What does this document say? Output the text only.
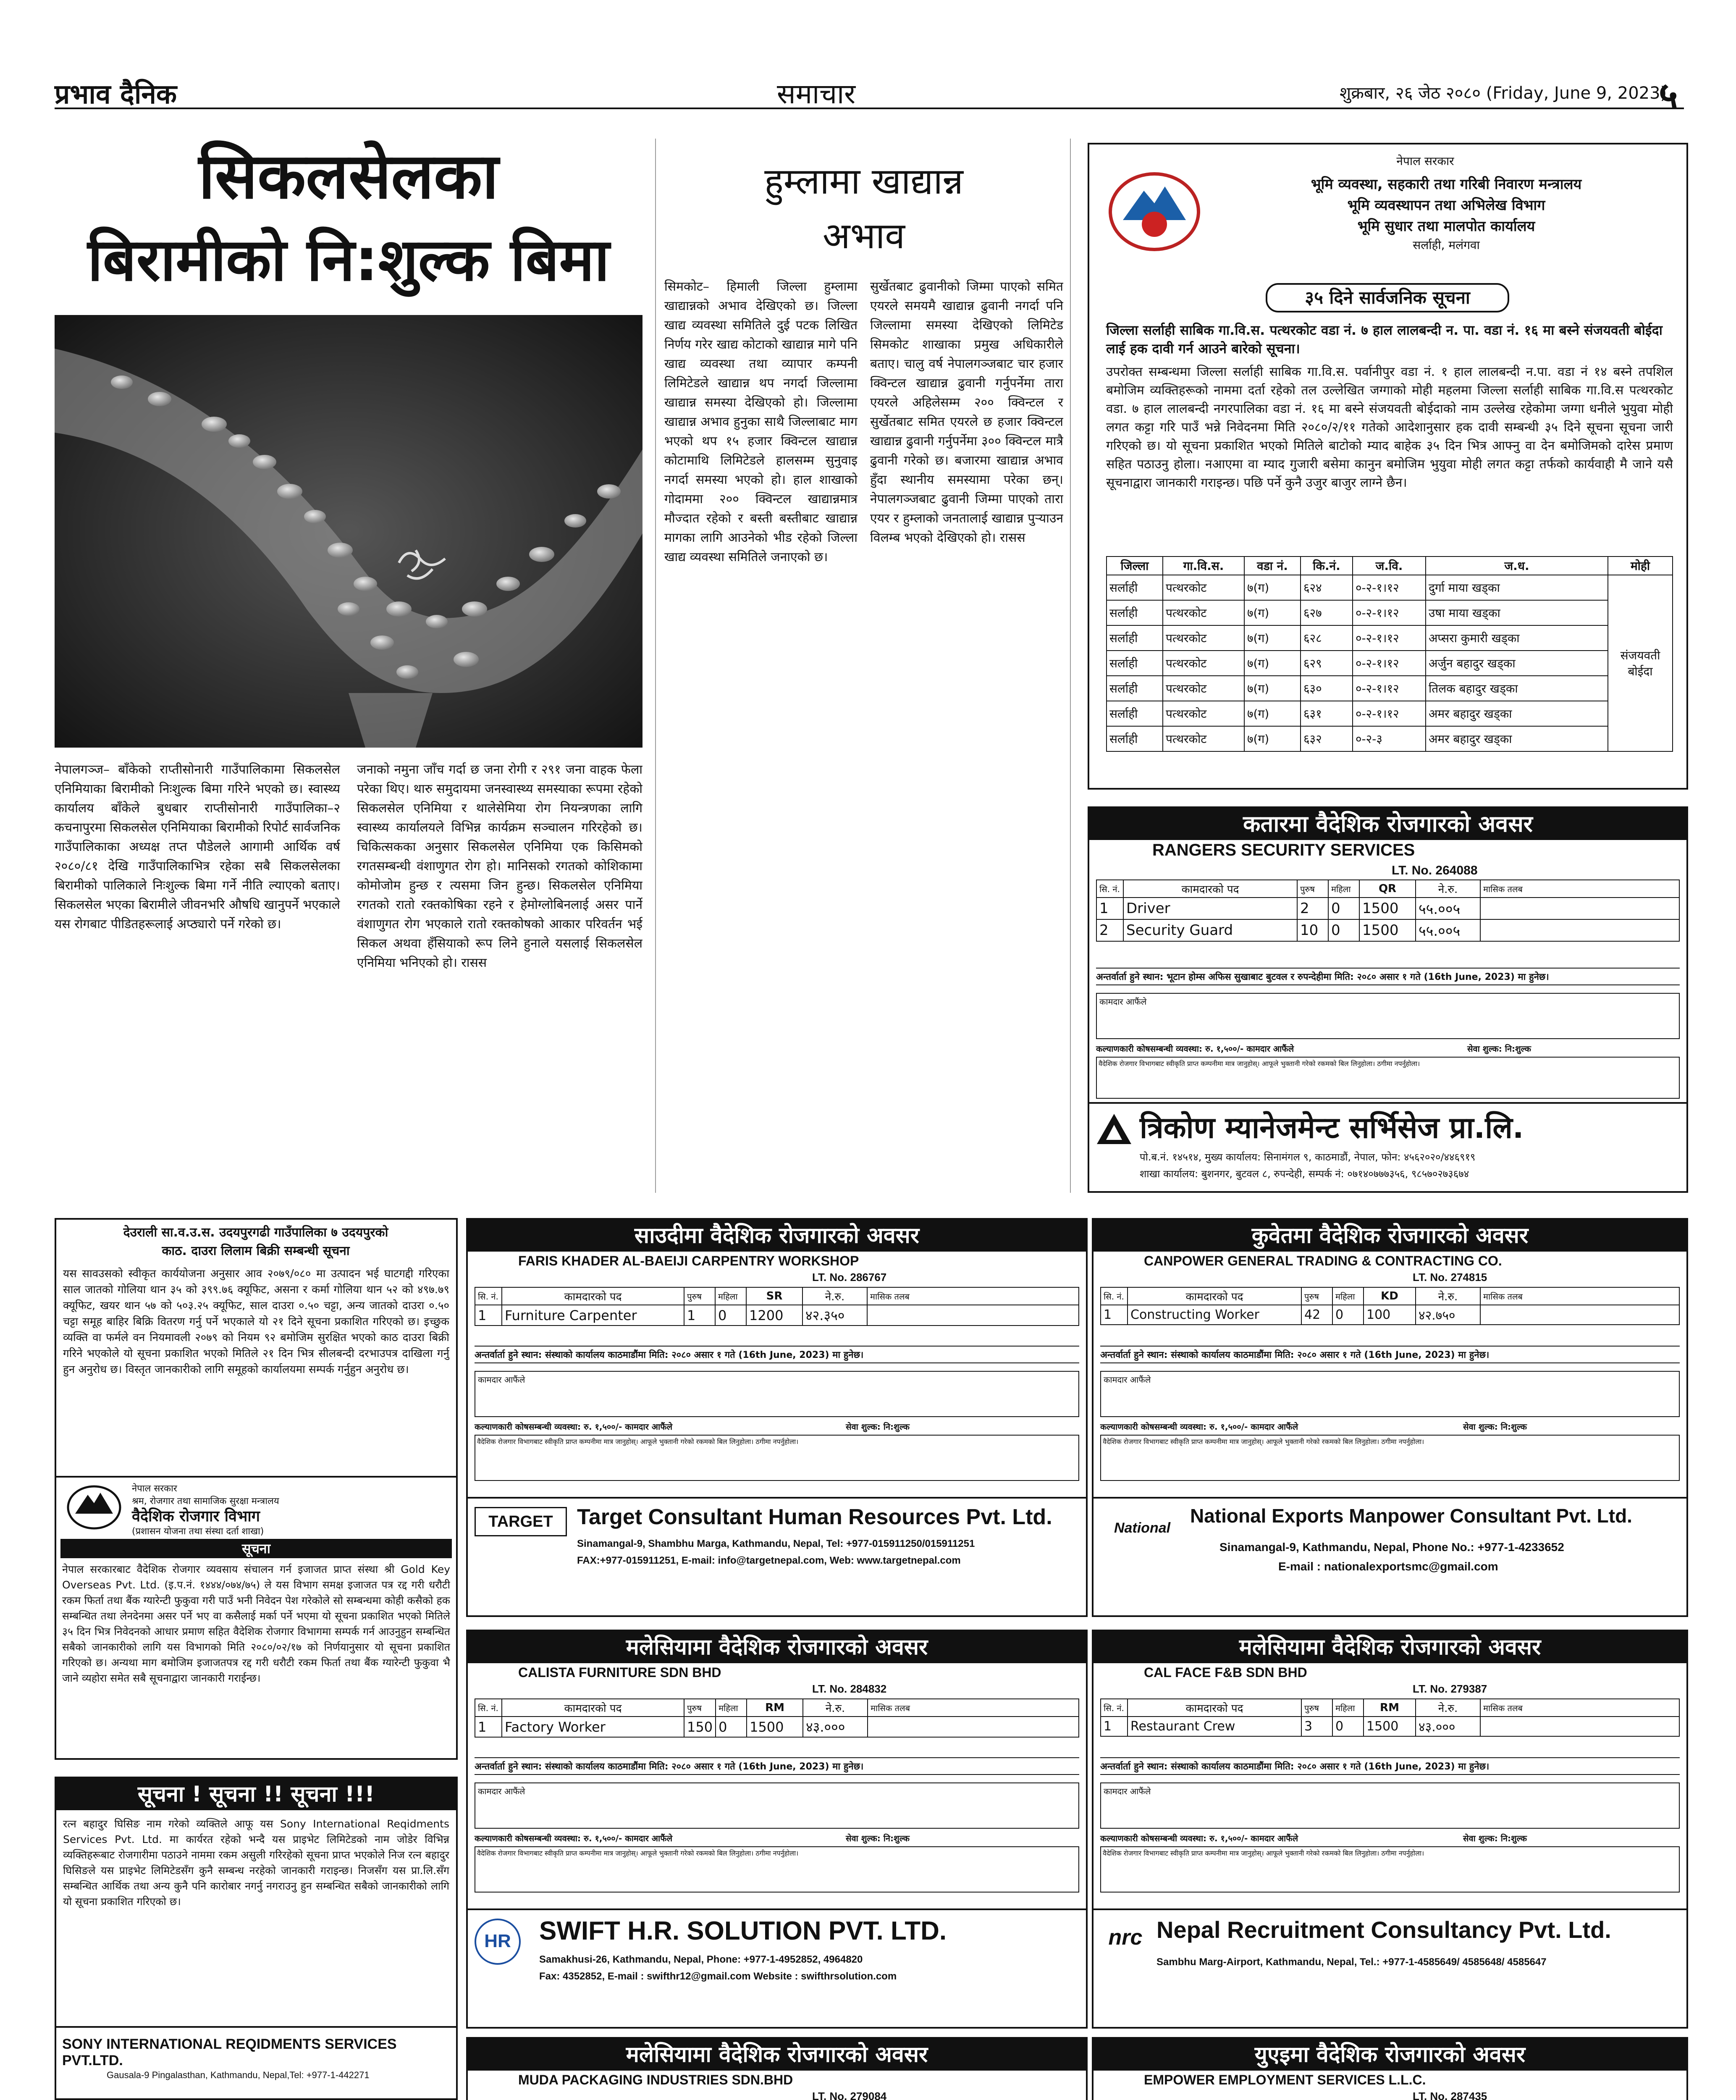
प्रभाव दैनिक	समाचार	शुक्रबार, २६ जेठ २०८० (Friday, June 9, 2023)
५
सिकलसेलका
बिरामीको नि:शुल्क बिमा
नेपालगञ्ज– बाँकेको राप्तीसोनारी गाउँपालिकामा सिकलसेल एनिमियाका बिरामीको निःशुल्क बिमा गरिने भएको छ। स्वास्थ्य कार्यालय बाँकेले बुधबार राप्तीसोनारी गाउँपालिका–२ कचनापुरमा सिकलसेल एनिमियाका बिरामीको रिपोर्ट सार्वजनिक गाउँपालिकाका अध्यक्ष तप्त पौडेलले आगामी आर्थिक वर्ष २०८०/८१ देखि गाउँपालिकाभित्र रहेका सबै सिकलसेलका बिरामीको पालिकाले निःशुल्क बिमा गर्ने नीति ल्याएको बताए। सिकलसेल भएका बिरामीले जीवनभरि औषधि खानुपर्ने भएकाले यस रोगबाट पीडितहरूलाई अप्ठ्यारो पर्ने गरेको छ।
जनाको नमुना जाँच गर्दा छ जना रोगी र २९१ जना वाहक फेला परेका थिए। थारु समुदायमा जनस्वास्थ्य समस्याका रूपमा रहेको सिकलसेल एनिमिया र थालेसेमिया रोग नियन्त्रणका लागि स्वास्थ्य कार्यालयले विभिन्न कार्यक्रम सञ्चालन गरिरहेको छ। चिकित्सकका अनुसार सिकलसेल एनिमिया एक किसिमको रगतसम्बन्धी वंशाणुगत रोग हो। मानिसको रगतको कोशिकामा कोमोजोम हुन्छ र त्यसमा जिन हुन्छ। सिकलसेल एनिमिया रगतको रातो रक्तकोषिका रहने र हेमोग्लोबिनलाई असर पार्ने वंशाणुगत रोग भएकाले रातो रक्तकोषको आकार परिवर्तन भई सिकल अथवा हँसियाको रूप लिने हुनाले यसलाई सिकलसेल एनिमिया भनिएको हो। रासस
हुम्लामा खाद्यान्न
अभाव
सिमकोट– हिमाली जिल्ला हुम्लामा खाद्यान्नको अभाव देखिएको छ। जिल्ला खाद्य व्यवस्था समितिले दुई पटक लिखित निर्णय गरेर खाद्य कोटाको खाद्यान्न मागे पनि खाद्य व्यवस्था तथा व्यापार कम्पनी लिमिटेडले खाद्यान्न थप नगर्दा जिल्लामा खाद्यान्न समस्या देखिएको हो। जिल्लामा खाद्यान्न अभाव हुनुका साथै जिल्लाबाट माग भएको थप १५ हजार क्विन्टल खाद्यान्न कोटामाथि लिमिटेडले हालसम्म सुनुवाइ नगर्दा समस्या भएको हो। हाल शाखाको गोदाममा २०० क्विन्टल खाद्यान्नमात्र मौज्दात रहेको र बस्ती बस्तीबाट खाद्यान्न मागका लागि आउनेको भीड रहेको जिल्ला खाद्य व्यवस्था समितिले जनाएको छ।
सुर्खेतबाट ढुवानीको जिम्मा पाएको समित एयरले समयमै खाद्यान्न ढुवानी नगर्दा पनि जिल्लामा समस्या देखिएको लिमिटेड सिमकोट शाखाका प्रमुख अधिकारीले बताए। चालु वर्ष नेपालगञ्जबाट चार हजार क्विन्टल खाद्यान्न ढुवानी गर्नुपर्नेमा तारा एयरले अहिलेसम्म २०० क्विन्टल र सुर्खेतबाट समित एयरले छ हजार क्विन्टल खाद्यान्न ढुवानी गर्नुपर्नेमा ३०० क्विन्टल मात्रै ढुवानी गरेको छ। बजारमा खाद्यान्न अभाव हुँदा स्थानीय समस्यामा परेका छन्। नेपालगञ्जबाट ढुवानी जिम्मा पाएको तारा एयर र हुम्लाको जनतालाई खाद्यान्न पुर्‍याउन विलम्ब भएको देखिएको हो। रासस
नेपाल सरकार
भूमि व्यवस्था, सहकारी तथा गरिबी निवारण मन्त्रालय
भूमि व्यवस्थापन तथा अभिलेख विभाग
भूमि सुधार तथा मालपोत कार्यालय
सर्लाही, मलंगवा
३५ दिने सार्वजनिक सूचना
जिल्ला सर्लाही साबिक गा.वि.स. पत्थरकोट वडा नं. ७ हाल लालबन्दी न. पा. वडा नं. १६ मा बस्ने संजयवती बोईदा लाई हक दावी गर्न आउने बारेको सूचना।
उपरोक्त सम्बन्धमा जिल्ला सर्लाही साबिक गा.वि.स. पर्वानीपुर वडा नं. १ हाल लालबन्दी न.पा. वडा नं १४ बस्ने तपशिल बमोजिम व्यक्तिहरूको नाममा दर्ता रहेको तल उल्लेखित जग्गाको मोही महलमा जिल्ला सर्लाही साबिक गा.वि.स पत्थरकोट वडा. ७ हाल लालबन्दी नगरपालिका वडा नं. १६ मा बस्ने संजयवती बोईदाको नाम उल्लेख रहेकोमा जग्गा धनीले भुयुवा मोही लगत कट्टा गरि पाउँ भन्ने निवेदनमा मिति २०८०/२/११ गतेको आदेशानुसार हक दावी सम्बन्धी ३५ दिने सूचना सूचना जारी गरिएको छ। यो सूचना प्रकाशित भएको मितिले बाटोको म्याद बाहेक ३५ दिन भित्र आफ्नु वा देन बमोजिमको दारेस प्रमाण सहित पठाउनु होला। नआएमा वा म्याद गुजारी बसेमा कानुन बमोजिम भुयुवा मोही लगत कट्टा तर्फको कार्यवाही मै जाने यसै सूचनाद्वारा जानकारी गराइन्छ। पछि पर्ने कुनै उजुर बाजुर लाग्ने छैन।
जिल्ला	गा.वि.स.	वडा नं.	कि.नं.	ज.वि.	ज.ध.	मोही
सर्लाही	पत्थरकोट	७(ग)	६२४	०-२-१।१२	दुर्गा माया खड्का	संजयवती बोईदा
सर्लाही	पत्थरकोट	७(ग)	६२७	०-२-१।१२	उषा माया खड्का	
सर्लाही	पत्थरकोट	७(ग)	६२८	०-२-१।१२	अप्सरा कुमारी खड्का	
सर्लाही	पत्थरकोट	७(ग)	६२९	०-२-१।१२	अर्जुन बहादुर खड्का	
सर्लाही	पत्थरकोट	७(ग)	६३०	०-२-१।१२	तिलक बहादुर खड्का	
सर्लाही	पत्थरकोट	७(ग)	६३१	०-२-१।१२	अमर बहादुर खड्का	
सर्लाही	पत्थरकोट	७(ग)	६३२	०-२-३	अमर बहादुर खड्का	
कतारमा वैदेशिक रोजगारको अवसर
RANGERS SECURITY SERVICES
LT. No. 264088
सि. नं.	कामदारको पद	पुरुष	महिला	QR	ने.रु.	मासिक तलब
1	Driver	2	0	1500	५५.००५	
2	Security Guard	10	0	1500	५५.००५	
अन्तर्वार्ता हुने स्थान: भूटान होम्स अफिस सुखाबाट बुटवल र रुपन्देहीमा मिति: २०८० असार १ गते (16th June, 2023) मा हुनेछ।
कामदार आफैंले
कल्याणकारी कोषसम्बन्धी व्यवस्था: रु. १,५००/- कामदार आफैंले	सेवा शुल्क: नि:शुल्क
वैदेशिक रोजगार विभागबाट स्वीकृति प्राप्त कम्पनीमा मात्र जानुहोस्। आफूले भुक्तानी गरेको रकमको बिल लिनुहोला। ठगीमा नपर्नुहोला।
त्रिकोण म्यानेजमेन्ट सर्भिसेज प्रा.लि.
पो.ब.नं. १४५१४, मुख्य कार्यालय: सिनामंगल ९, काठमाडौं, नेपाल, फोन: ४५६२०२०/४४६९१९
शाखा कार्यालय: बुशनगर, बुटवल ८, रुपन्देही, सम्पर्क नं: ०७१४०७७७३५६, ९८५७०२७३६७४
देउराली सा.व.उ.स. उदयपुरगढी गाउँपालिका ७ उदयपुरको
काठ. दाउरा लिलाम बिक्री सम्बन्धी सूचना
यस सावउसको स्वीकृत कार्ययोजना अनुसार आव २०७९/०८० मा उत्पादन भई घाटगद्दी गरिएका साल जातको गोलिया थान ३५ को ३९९.७६ क्यूफिट, असना र कर्मा गोलिया थान ५२ को ४९७.७९ क्यूफिट, खयर थान ५७ को ५०३.२५ क्यूफिट, साल दाउरा ०.५० चट्टा, अन्य जातको दाउरा ०.५० चट्टा समूह बाहिर बिक्रि वितरण गर्नु पर्ने भएकाले यो २१ दिने सूचना प्रकाशित गरिएको छ। इच्छुक व्यक्ति वा फर्मले वन नियमावली २०७९ को नियम ९२ बमोजिम सुरक्षित भएको काठ दाउरा बिक्री गरिने भएकोले यो सूचना प्रकाशित भएको मितिले २१ दिन भित्र सीलबन्दी दरभाउपत्र दाखिला गर्नु हुन अनुरोध छ। विस्तृत जानकारीको लागि समूहको कार्यालयमा सम्पर्क गर्नुहुन अनुरोध छ।
नेपाल सरकार
श्रम, रोजगार तथा सामाजिक सुरक्षा मन्त्रालय
वैदेशिक रोजगार विभाग
(प्रशासन योजना तथा संस्था दर्ता शाखा)
सूचना
नेपाल सरकारबाट वैदेशिक रोजगार व्यवसाय संचालन गर्न इजाजत प्राप्त संस्था श्री Gold Key Overseas Pvt. Ltd. (इ.प.नं. १४४४/०७४/७५) ले यस विभाग समक्ष इजाजत पत्र रद्द गरी धरौटी रकम फिर्ता तथा बैंक ग्यारेन्टी फुकुवा गरी पाउँ भनी निवेदन पेश गरेकोले सो सम्बन्धमा कोही कसैको हक सम्बन्धित तथा लेनदेनमा असर पर्ने भए वा कसैलाई मर्का पर्ने भएमा यो सूचना प्रकाशित भएको मितिले ३५ दिन भित्र निवेदनको आधार प्रमाण सहित वैदेशिक रोजगार विभागमा सम्पर्क गर्न आउनुहुन सम्बन्धित सबैको जानकारीको लागि यस विभागको मिति २०८०/०२/१७ को निर्णयानुसार यो सूचना प्रकाशित गरिएको छ। अन्यथा माग बमोजिम इजाजतपत्र रद्द गरी धरौटी रकम फिर्ता तथा बैंक ग्यारेन्टी फुकुवा भै जाने व्यहोरा समेत सबै सूचनाद्वारा जानकारी गराईन्छ।
सूचना ! सूचना !! सूचना !!!
रत्न बहादुर घिसिङ नाम गरेको व्यक्तिले आफू यस Sony International Reqidments Services Pvt. Ltd. मा कार्यरत रहेको भन्दै यस प्राइभेट लिमिटेडको नाम जोडेर विभिन्न व्यक्तिहरूबाट रोजगारीमा पठाउने नाममा रकम असुली गरिरहेको सूचना प्राप्त भएकोले निज रत्न बहादुर घिसिङले यस प्राइभेट लिमिटेडसँग कुनै सम्बन्ध नरहेको जानकारी गराइन्छ। निजसँग यस प्रा.लि.सँग सम्बन्धित आर्थिक तथा अन्य कुनै पनि कारोबार नगर्नु नगराउनु हुन सम्बन्धित सबैको जानकारीको लागि यो सूचना प्रकाशित गरिएको छ।
SONY INTERNATIONAL REQIDMENTS SERVICES PVT.LTD.
Gausala-9 Pingalasthan, Kathmandu, Nepal,Tel: +977-1-442271
साउदीमा वैदेशिक रोजगारको अवसर
FARIS KHADER AL-BAEIJI CARPENTRY WORKSHOP
LT. No. 286767
सि. नं.	कामदारको पद	पुरुष	महिला	SR	ने.रु.	मासिक तलब
1	Furniture Carpenter	1	0	1200	४२.३५०	
अन्तर्वार्ता हुने स्थान: संस्थाको कार्यालय काठमाडौंमा मिति: २०८० असार १ गते (16th June, 2023) मा हुनेछ।
कामदार आफैंले
कल्याणकारी कोषसम्बन्धी व्यवस्था: रु. १,५००/- कामदार आफैंले	सेवा शुल्क: नि:शुल्क
वैदेशिक रोजगार विभागबाट स्वीकृति प्राप्त कम्पनीमा मात्र जानुहोस्। आफूले भुक्तानी गरेको रकमको बिल लिनुहोला। ठगीमा नपर्नुहोला।
TARGET	Target Consultant Human Resources Pvt. Ltd.
Sinamangal-9, Shambhu Marga, Kathmandu, Nepal, Tel: +977-015911250/015911251
FAX:+977-015911251, E-mail: info@targetnepal.com, Web: www.targetnepal.com
मलेसियामा वैदेशिक रोजगारको अवसर
CALISTA FURNITURE SDN BHD
LT. No. 284832
सि. नं.	कामदारको पद	पुरुष	महिला	RM	ने.रु.	मासिक तलब
1	Factory Worker	150	0	1500	४३.०००	
अन्तर्वार्ता हुने स्थान: संस्थाको कार्यालय काठमाडौंमा मिति: २०८० असार १ गते (16th June, 2023) मा हुनेछ।
कामदार आफैंले
कल्याणकारी कोषसम्बन्धी व्यवस्था: रु. १,५००/- कामदार आफैंले	सेवा शुल्क: नि:शुल्क
वैदेशिक रोजगार विभागबाट स्वीकृति प्राप्त कम्पनीमा मात्र जानुहोस्। आफूले भुक्तानी गरेको रकमको बिल लिनुहोला। ठगीमा नपर्नुहोला।
HR	SWIFT H.R. SOLUTION PVT. LTD.
Samakhusi-26, Kathmandu, Nepal, Phone: +977-1-4952852, 4964820
Fax: 4352852, E-mail : swifthr12@gmail.com Website : swifthrsolution.com
मलेसियामा वैदेशिक रोजगारको अवसर
MUDA PACKAGING INDUSTRIES SDN.BHD
LT. No. 279084

कुवेतमा वैदेशिक रोजगारको अवसर
CANPOWER GENERAL TRADING & CONTRACTING CO.
LT. No. 274815
सि. नं.	कामदारको पद	पुरुष	महिला	KD	ने.रु.	मासिक तलब
1	Constructing Worker	42	0	100	४२.७५०	
अन्तर्वार्ता हुने स्थान: संस्थाको कार्यालय काठमाडौंमा मिति: २०८० असार १ गते (16th June, 2023) मा हुनेछ।
कामदार आफैंले
कल्याणकारी कोषसम्बन्धी व्यवस्था: रु. १,५००/- कामदार आफैंले	सेवा शुल्क: नि:शुल्क
वैदेशिक रोजगार विभागबाट स्वीकृति प्राप्त कम्पनीमा मात्र जानुहोस्। आफूले भुक्तानी गरेको रकमको बिल लिनुहोला। ठगीमा नपर्नुहोला।
National
National Exports Manpower Consultant Pvt. Ltd.
Sinamangal-9, Kathmandu, Nepal, Phone No.: +977-1-4233652
E-mail : nationalexportsmc@gmail.com
मलेसियामा वैदेशिक रोजगारको अवसर
CAL FACE F&B SDN BHD
LT. No. 279387
सि. नं.	कामदारको पद	पुरुष	महिला	RM	ने.रु.	मासिक तलब
1	Restaurant Crew	3	0	1500	४३.०००	
अन्तर्वार्ता हुने स्थान: संस्थाको कार्यालय काठमाडौंमा मिति: २०८० असार १ गते (16th June, 2023) मा हुनेछ।
कामदार आफैंले
कल्याणकारी कोषसम्बन्धी व्यवस्था: रु. १,५००/- कामदार आफैंले	सेवा शुल्क: नि:शुल्क
वैदेशिक रोजगार विभागबाट स्वीकृति प्राप्त कम्पनीमा मात्र जानुहोस्। आफूले भुक्तानी गरेको रकमको बिल लिनुहोला। ठगीमा नपर्नुहोला।
nrc Nepal Recruitment Consultancy Pvt. Ltd.
Sambhu Marg-Airport, Kathmandu, Nepal, Tel.: +977-1-4585649/ 4585648/ 4585647
युएइमा वैदेशिक रोजगारको अवसर
EMPOWER EMPLOYMENT SERVICES L.L.C.
LT. No. 287435
